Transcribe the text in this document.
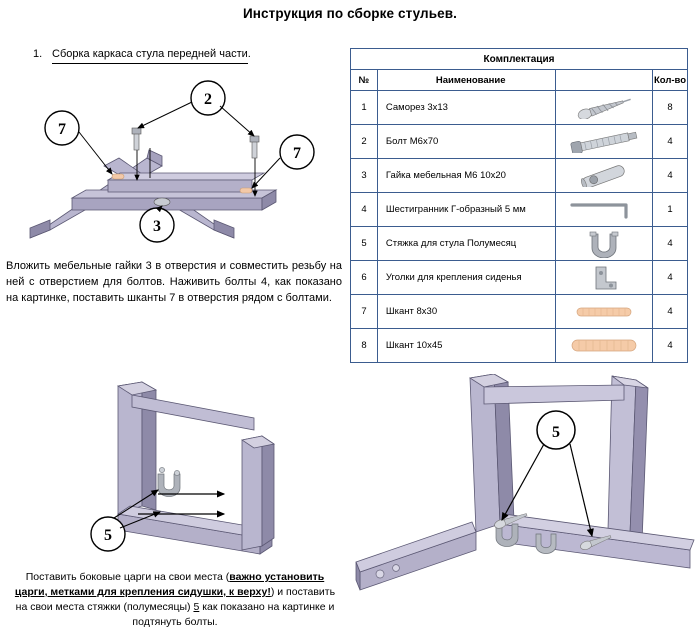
Инструкция по сборке стульев.
1. Сборка каркаса стула передней части.
2
7
7
3
Вложить мебельные гайки 3 в отверстия и совместить резьбу на ней с отверстием для болтов. Наживить болты 4, как показано на картинке, поставить шканты 7 в отверстия рядом с болтами.
Комплектация			
№	Наименование		Кол-во
1	Саморез 3х13		8
2	Болт М6х70		4
3	Гайка мебельная М6 10х20		4
4	Шестигранник Г-образный 5 мм		1
5	Стяжка для стула Полумесяц		4
6	Уголки для крепления сиденья		4
7	Шкант 8х30		4
8	Шкант 10х45		4
5
Поставить боковые царги на свои места (важно установить царги, метками для крепления сидушки, к верху!) и поставить на свои места стяжки (полумесяцы) 5 как показано на картинке и подтянуть болты.
5
